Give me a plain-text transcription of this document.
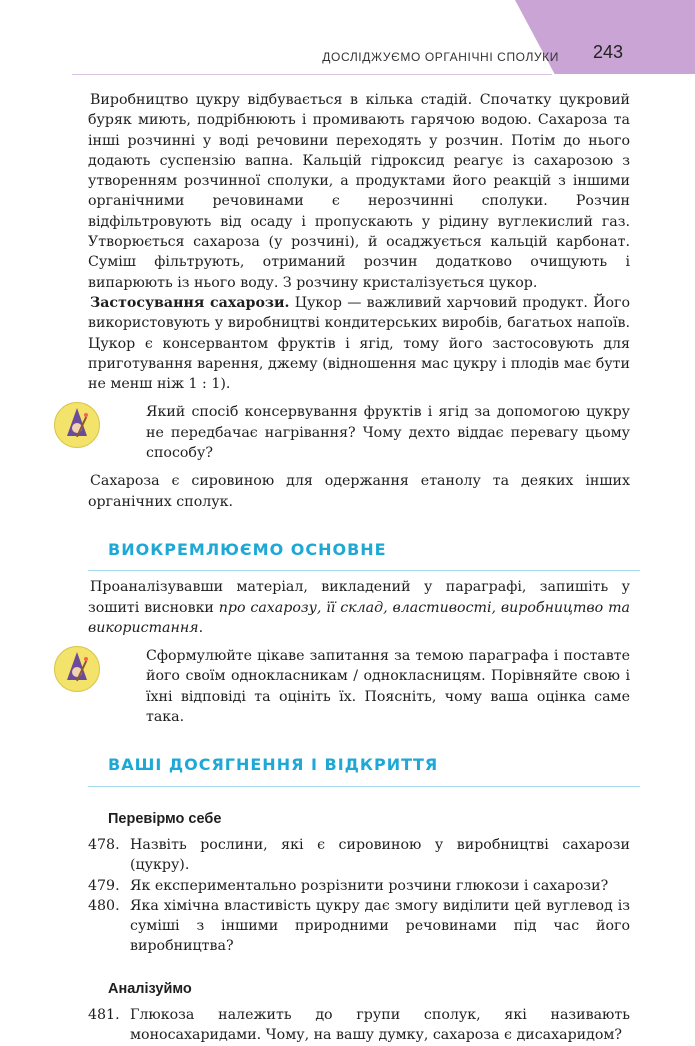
243
ДОСЛІДЖУЄМО ОРГАНІЧНІ СПОЛУКИ

Виробництво цукру відбувається в кілька стадій. Спочатку цукровий буряк миють, подрібнюють і промивають гарячою водою. Сахароза та інші розчинні у воді речовини переходять у розчин. Потім до нього додають суспензію вапна. Кальцій гідроксид реагує із сахарозою з утворенням розчинної сполуки, а продуктами його реакцій з іншими органічними речовинами є нерозчинні сполуки. Розчин відфільтровують від осаду і пропускають у рідину вуглекислий газ. Утворюється сахароза (у розчині), й осаджується кальцій карбонат. Суміш фільтрують, отриманий розчин додатково очищують і випарюють із нього воду. З розчину кристалізується цукор.

Застосування сахарози. Цукор — важливий харчовий продукт. Його використовують у виробництві кондитерських виробів, багатьох напоїв. Цукор є консервантом фруктів і ягід, тому його застосовують для приготування варення, джему (відношення мас цукру і плодів має бути не менш ніж 1 : 1).

Який спосіб консервування фруктів і ягід за допомогою цукру не передбачає нагрівання? Чому дехто віддає перевагу цьому способу?

Сахароза є сировиною для одержання етанолу та деяких інших органічних сполук.

ВИОКРЕМЛЮЄМО ОСНОВНЕ

Проаналізувавши матеріал, викладений у параграфі, запишіть у зошиті висновки про сахарозу, її склад, властивості, виробництво та використання.

Сформулюйте цікаве запитання за темою параграфа і поставте його своїм однокласникам / однокласницям. Порівняйте свою і їхні відповіді та оцініть їх. Поясніть, чому ваша оцінка саме така.

ВАШІ ДОСЯГНЕННЯ І ВІДКРИТТЯ
Перевірмо себе
478. Назвіть рослини, які є сировиною у виробництві сахарози (цукру).
479. Як експериментально розрізнити розчини глюкози і сахарози?
480. Яка хімічна властивість цукру дає змогу виділити цей вуглевод із суміші з іншими природними речовинами під час його виробництва?
Аналізуймо
481. Глюкоза належить до групи сполук, які називають моносахаридами. Чому, на вашу думку, сахароза є дисахаридом?
